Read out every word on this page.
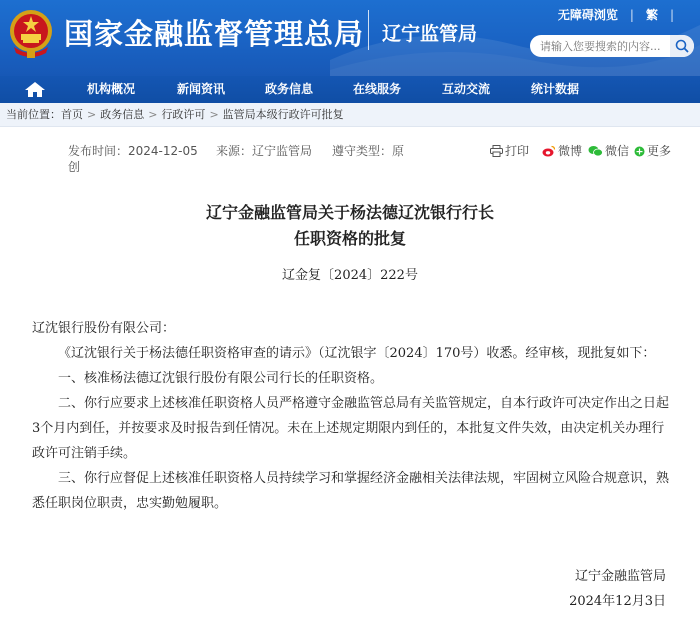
国家金融监督管理总局 辽宁监管局
无障碍浏览 | 繁 |
请输入您要搜索的内容...
机构概况	新闻资讯	政务信息	在线服务	互动交流	统计数据
当前位置：首页 > 政务信息 > 行政许可 > 监管局本级行政许可批复
发布时间：2024-12-05
创
来源：辽宁监管局 遵守类型：原	打印	微博	微信	更多
辽宁金融监管局关于杨法德辽沈银行行长
任职资格的批复
辽金复〔2024〕222号

辽沈银行股份有限公司：

《辽沈银行关于杨法德任职资格审查的请示》（辽沈银字〔2024〕170号）收悉。经审核，现批复如下：

一、核准杨法德辽沈银行股份有限公司行长的任职资格。

二、你行应要求上述核准任职资格人员严格遵守金融监管总局有关监管规定，自本行政许可决定作出之日起3个月内到任，并按要求及时报告到任情况。未在上述规定期限内到任的，本批复文件失效，由决定机关办理行政许可注销手续。

三、你行应督促上述核准任职资格人员持续学习和掌握经济金融相关法律法规，牢固树立风险合规意识，熟悉任职岗位职责，忠实勤勉履职。

辽宁金融监管局
2024年12月3日
